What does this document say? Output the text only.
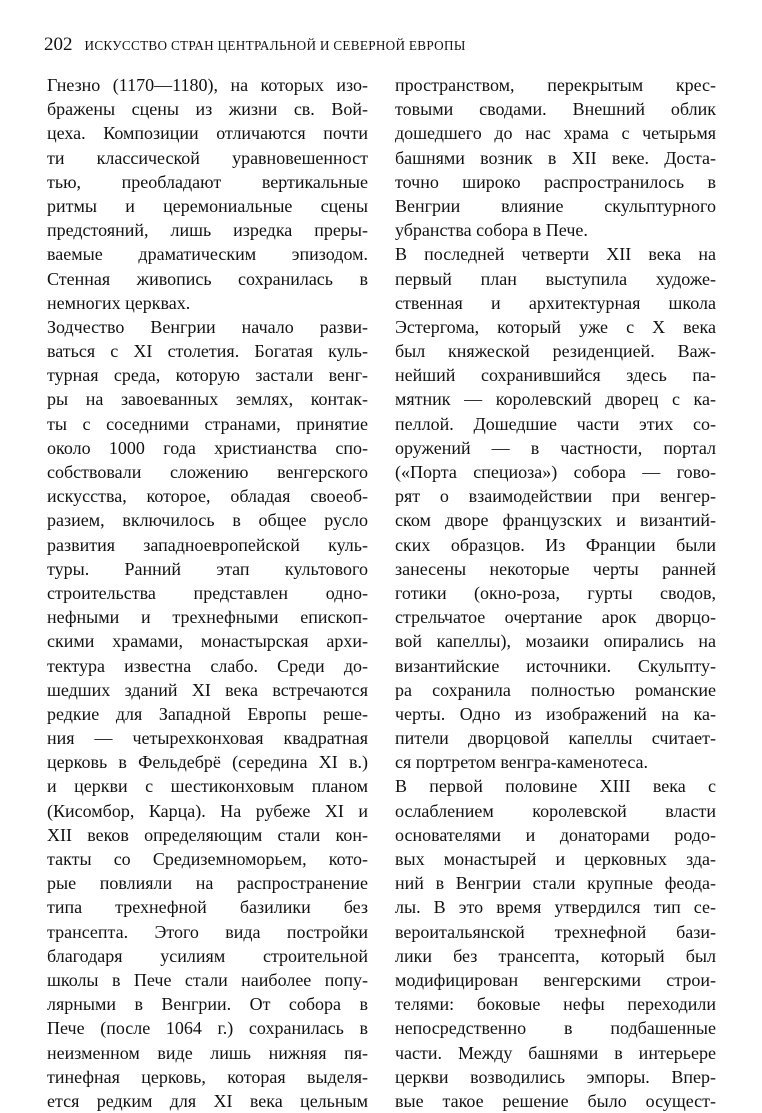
202 ИСКУССТВО СТРАН ЦЕНТРАЛЬНОЙ И СЕВЕРНОЙ ЕВРОПЫ
Гнезно (1170—1180), на которых изо-
бражены сцены из жизни св. Вой-
цеха. Композиции отличаются почти
ти классической уравновешенност
тью, преобладают вертикальные
ритмы и церемониальные сцены
предстояний, лишь изредка преры-
ваемые драматическим эпизодом.
Стенная живопись сохранилась в
немногих церквах.
Зодчество Венгрии начало разви-
ваться с XI столетия. Богатая куль-
турная среда, которую застали венг-
ры на завоеванных землях, контак-
ты с соседними странами, принятие
около 1000 года христианства спо-
собствовали сложению венгерского
искусства, которое, обладая своеоб-
разием, включилось в общее русло
развития западноевропейской куль-
туры. Ранний этап культового
строительства представлен одно-
нефными и трехнефными епископ-
скими храмами, монастырская архи-
тектура известна слабо. Среди до-
шедших зданий XI века встречаются
редкие для Западной Европы реше-
ния — четырехконховая квадратная
церковь в Фельдебрё (середина XI в.)
и церкви с шестиконховым планом
(Кисомбор, Карца). На рубеже XI и
XII веков определяющим стали кон-
такты со Средиземноморьем, кото-
рые повлияли на распространение
типа трехнефной базилики без
трансепта. Этого вида постройки
благодаря усилиям строительной
школы в Пече стали наиболее попу-
лярными в Венгрии. От собора в
Пече (после 1064 г.) сохранилась в
неизменном виде лишь нижняя пя-
тинефная церковь, которая выделя-
ется редким для XI века цельным
пространством, перекрытым крес-
товыми сводами. Внешний облик
дошедшего до нас храма с четырьмя
башнями возник в XII веке. Доста-
точно широко распространилось в
Венгрии влияние скульптурного
убранства собора в Пече.
В последней четверти XII века на
первый план выступила художе-
ственная и архитектурная школа
Эстергома, который уже с X века
был княжеской резиденцией. Важ-
нейший сохранившийся здесь па-
мятник — королевский дворец с ка-
пеллой. Дошедшие части этих со-
оружений — в частности, портал
(«Порта специоза») собора — гово-
рят о взаимодействии при венгер-
ском дворе французских и византий-
ских образцов. Из Франции были
занесены некоторые черты ранней
готики (окно-роза, гурты сводов,
стрельчатое очертание арок дворцо-
вой капеллы), мозаики опирались на
византийские источники. Скульпту-
ра сохранила полностью романские
черты. Одно из изображений на ка-
пители дворцовой капеллы считает-
ся портретом венгра-каменотеса.
В первой половине XIII века с
ослаблением королевской власти
основателями и донаторами родо-
вых монастырей и церковных зда-
ний в Венгрии стали крупные феода-
лы. В это время утвердился тип се-
вероитальянской трехнефной бази-
лики без трансепта, который был
модифицирован венгерскими строи-
телями: боковые нефы переходили
непосредственно в подбашенные
части. Между башнями в интерьере
церкви возводились эмпоры. Впер-
вые такое решение было осущест-
